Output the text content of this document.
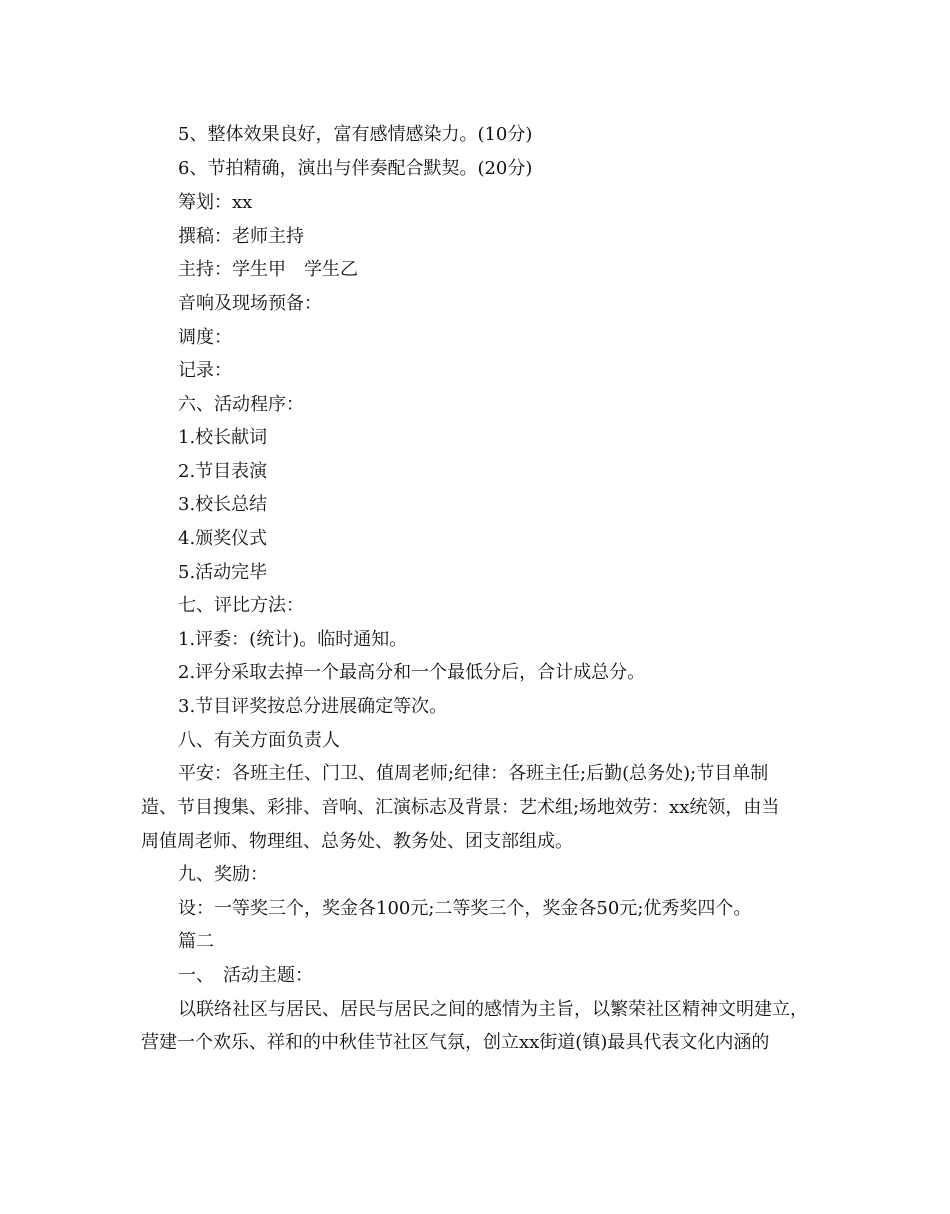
5、整体效果良好，富有感情感染力。(10分)
6、节拍精确，演出与伴奏配合默契。(20分)
筹划：xx
撰稿：老师主持
主持：学生甲　学生乙
音响及现场预备：
调度：
记录：
六、活动程序：
1.校长献词
2.节目表演
3.校长总结
4.颁奖仪式
5.活动完毕
七、评比方法：
1.评委：(统计)。临时通知。
2.评分采取去掉一个最高分和一个最低分后，合计成总分。
3.节目评奖按总分进展确定等次。
八、有关方面负责人
平安：各班主任、门卫、值周老师;纪律：各班主任;后勤(总务处);节目单制
造、节目搜集、彩排、音响、汇演标志及背景：艺术组;场地效劳：xx统领，由当
周值周老师、物理组、总务处、教务处、团支部组成。
九、奖励：
设：一等奖三个，奖金各100元;二等奖三个，奖金各50元;优秀奖四个。
篇二
一、　活动主题：
以联络社区与居民、居民与居民之间的感情为主旨，以繁荣社区精神文明建立，
营建一个欢乐、祥和的中秋佳节社区气氛，创立xx街道(镇)最具代表文化内涵的
